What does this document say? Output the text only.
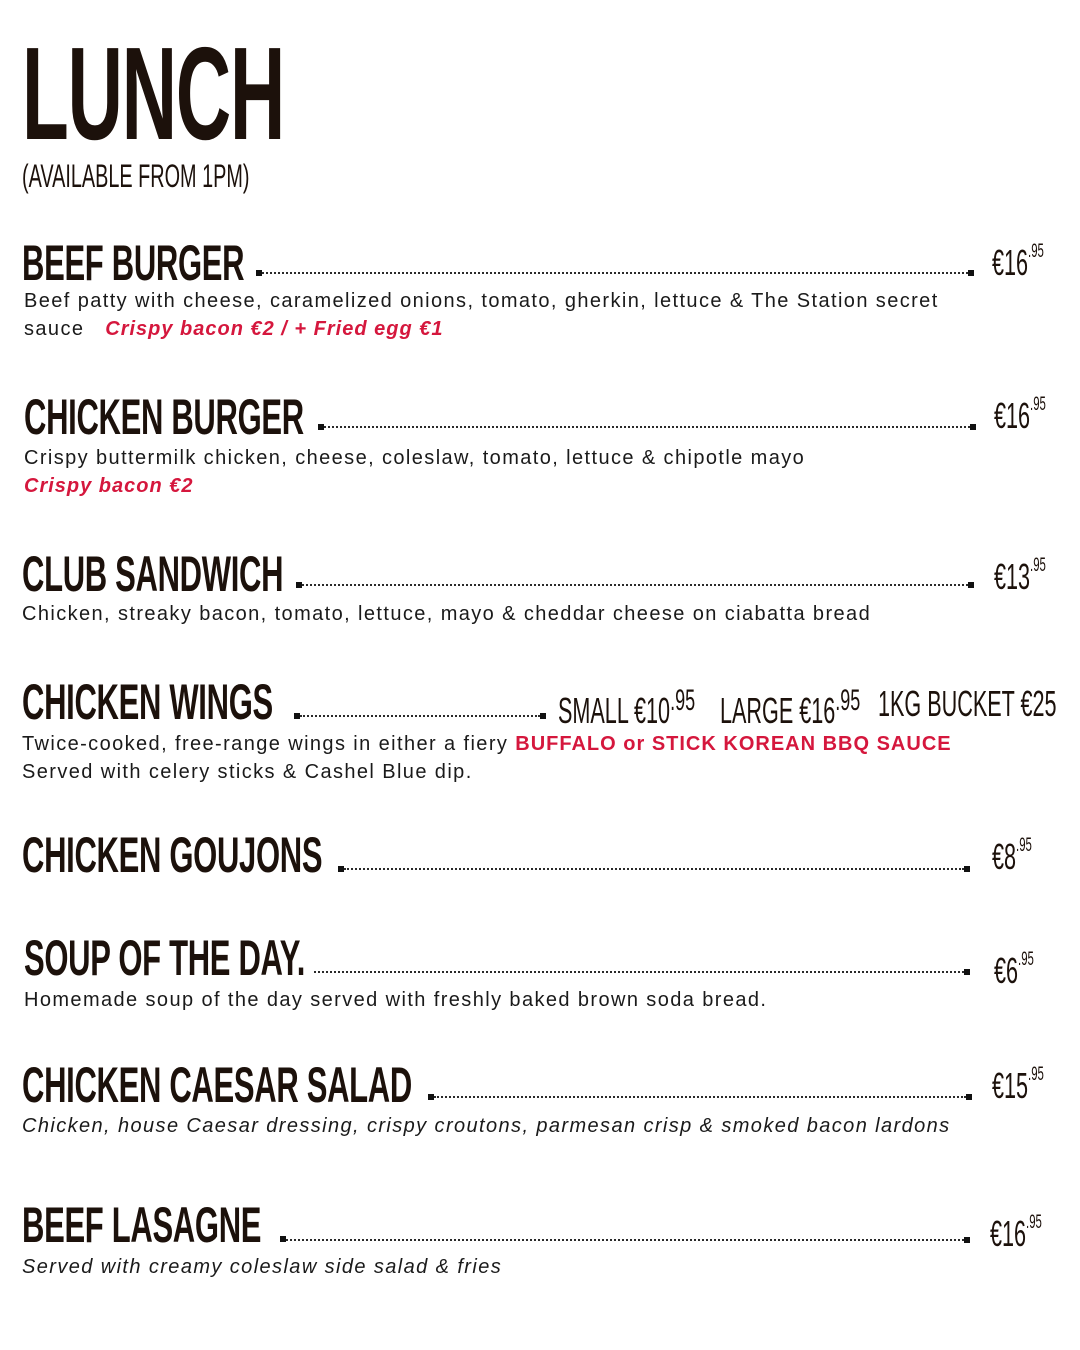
LUNCH
(AVAILABLE FROM 1PM)
BEEF BURGER	$€16^{.95}$
Beef patty with cheese, caramelized onions, tomato, gherkin, lettuce & The Station secret sauce Crispy bacon €2 / + Fried egg €1
CHICKEN BURGER	$€16^{.95}$
Crispy buttermilk chicken, cheese, coleslaw, tomato, lettuce & chipotle mayo
Crispy bacon €2
CLUB SANDWICH	$€13^{.95}$
Chicken, streaky bacon, tomato, lettuce, mayo & cheddar cheese on ciabatta bread
CHICKEN WINGS	SMALL $€10^{.95}$ LARGE $€16^{.95}$ 1KG BUCKET €25
Twice-cooked, free-range wings in either a fiery BUFFALO or STICK KOREAN BBQ SAUCE
Served with celery sticks & Cashel Blue dip.
CHICKEN GOUJONS	$€8^{.95}$
SOUP OF THE DAY.	$€6^{.95}$
Homemade soup of the day served with freshly baked brown soda bread.
CHICKEN CAESAR SALAD	$€15^{.95}$
Chicken, house Caesar dressing, crispy croutons, parmesan crisp & smoked bacon lardons
BEEF LASAGNE	$€16^{.95}$
Served with creamy coleslaw side salad & fries
